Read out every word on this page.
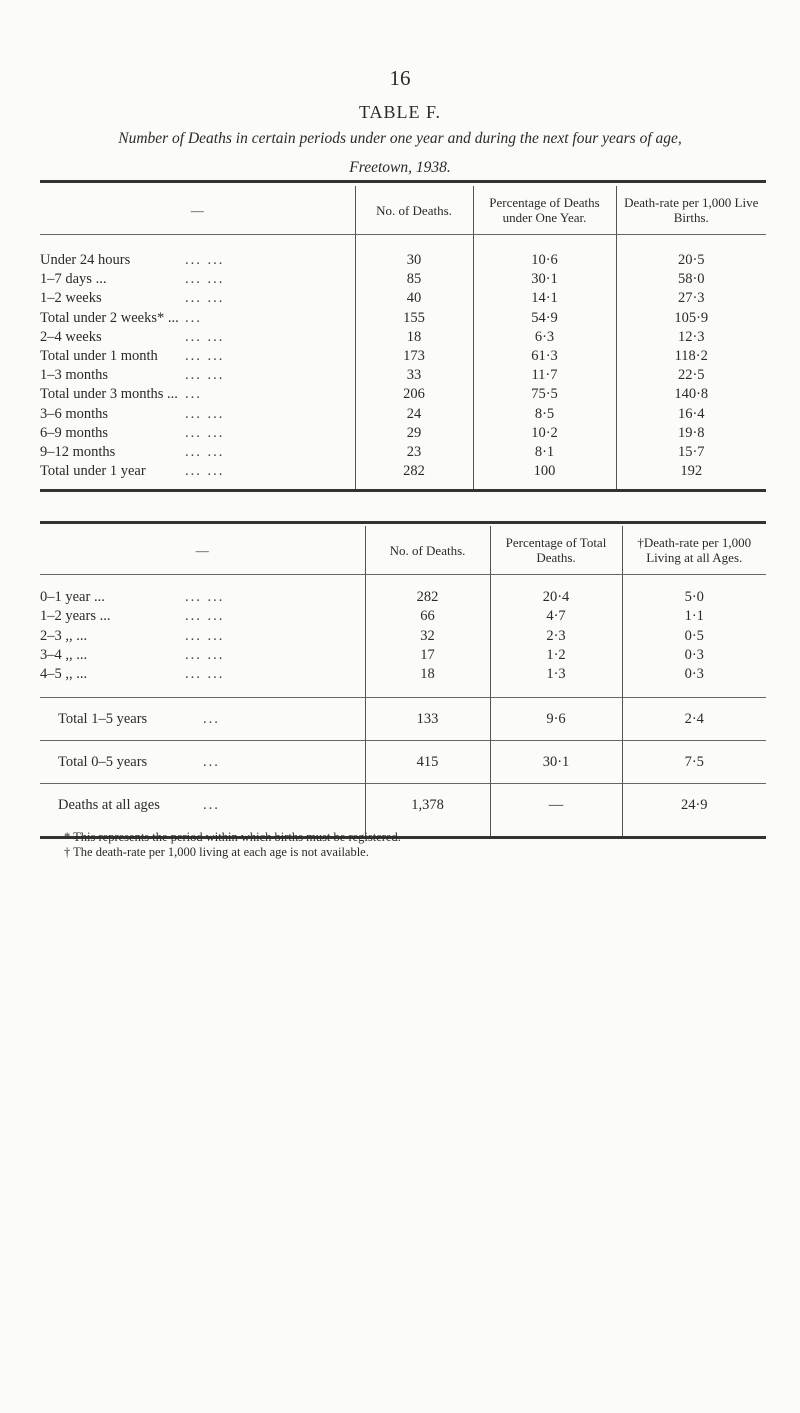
16
TABLE F.
Number of Deaths in certain periods under one year and during the next four years of age,
Freetown, 1938.

—	No. of Deaths.	Percentage of Deaths under One Year.	Death-rate per 1,000 Live Births.

Under 24 hours ... ...	30	10·6	20·5
1–7 days ... ... ...	85	30·1	58·0
1–2 weeks ... ...	40	14·1	27·3
Total under 2 weeks* ... ...	155	54·9	105·9
2–4 weeks ... ...	18	6·3	12·3
Total under 1 month ... ...	173	61·3	118·2
1–3 months ... ...	33	11·7	22·5
Total under 3 months ... ...	206	75·5	140·8
3–6 months ... ...	24	8·5	16·4
6–9 months ... ...	29	10·2	19·8
9–12 months ... ...	23	8·1	15·7
Total under 1 year ... ...	282	100	192

—	No. of Deaths.	Percentage of Total Deaths.	†Death-rate per 1,000 Living at all Ages.

0–1 year ... ... ...	282	20·4	5·0
1–2 years ... ... ...	66	4·7	1·1
2–3 ,, ... ... ...	32	2·3	0·5
3–4 ,, ... ... ...	17	1·2	0·3
4–5 ,, ... ... ...	18	1·3	0·3

Total 1–5 years ...	133	9·6	2·4

Total 0–5 years ...	415	30·1	7·5

Deaths at all ages ...	1,378	—	24·9

* This represents the period within which births must be registered.
† The death-rate per 1,000 living at each age is not available.
